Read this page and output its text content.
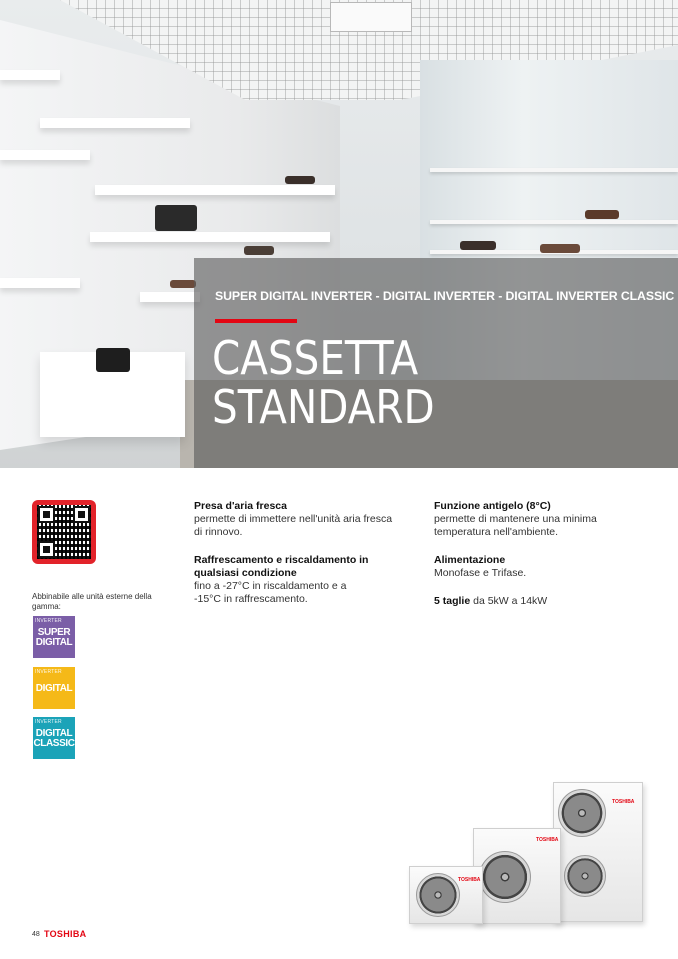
SUPER DIGITAL INVERTER - DIGITAL INVERTER - DIGITAL INVERTER CLASSIC
CASSETTA
STANDARD
Abbinabile alle unità esterne della gamma:
INVERTER
SUPER
DIGITAL
INVERTER
DIGITAL
INVERTER
DIGITAL
CLASSIC
Presa d'aria fresca
permette di immettere nell'unità aria fresca di rinnovo.
Raffrescamento e riscaldamento in qualsiasi condizione
fino a -27°C in riscaldamento e a -15°C in raffrescamento.
Funzione antigelo (8°C)
permette di mantenere una minima temperatura nell'ambiente.
Alimentazione
Monofase e Trifase.
5 taglie da 5kW a 14kW
TOSHIBA
TOSHIBA
TOSHIBA
48 TOSHIBA
